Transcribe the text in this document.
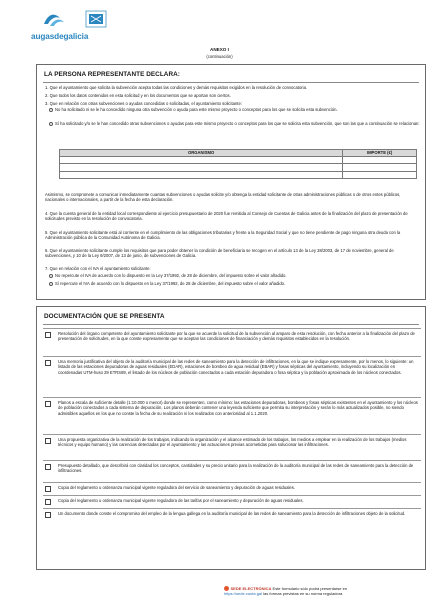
augasdegalicia
ANEXO I
(continuación)
LA PERSONA REPRESENTANTE DECLARA:
1. Que el ayuntamiento que solicita la subvención acepta todas las condiciones y demás requisitos exigidos en la resolución de convocatoria.
2. Que todos los datos contenidos en esta solicitud y en los documentos que se aportan son ciertos.
3. Que en relación con otras subvenciones o ayudas concedidas o solicitadas, el ayuntamiento solicitante:
No ha solicitado ni se le ha concedido ninguna otra subvención o ayuda para este mismo proyecto o conceptos para los que se solicita esta subvención.
Sí ha solicitado y/o se le han concedido otras subvenciones o ayudas para este mismo proyecto o conceptos para los que se solicita esta subvención, que son las que a continuación se relacionan:
ORGANISMO	IMPORTE (€)

Asimismo, se compromete a comunicar inmediatamente cuantas subvenciones o ayudas solicite y/o obtenga la entidad solicitante de otras administraciones públicas o de otros entes públicos, nacionales o internacionales, a partir de la fecha de esta declaración.
4. Que la cuenta general de la entidad local correspondiente al ejercicio presupuestario de 2020 fue remitida al Consejo de Cuentas de Galicia antes de la finalización del plazo de presentación de solicitudes previsto en la resolución de convocatoria.
5. Que el ayuntamiento solicitante está al corriente en el cumplimiento de las obligaciones tributarias y frente a la Seguridad Social y que no tiene pendiente de pago ninguna otra deuda con la Administración pública de la Comunidad Autónoma de Galicia.
6. Que el ayuntamiento solicitante cumple los requisitos que para poder obtener la condición de beneficiaria se recogen en el artículo 13 de la Ley 38/2003, de 17 de noviembre, general de subvenciones, y 10 de la Ley 9/2007, de 13 de junio, de subvenciones de Galicia.
7. Que en relación con el IVA el ayuntamiento solicitante:
No repercute el IVA de acuerdo con lo dispuesto en la Ley 37/1992, de 28 de diciembre, del impuesto sobre el valor añadido.
Sí repercute el IVA de acuerdo con lo dispuesto en la Ley 37/1992, de 28 de diciembre, del impuesto sobre el valor añadido.
DOCUMENTACIÓN QUE SE PRESENTA
Resolución del órgano competente del ayuntamiento solicitante por la que se acuerde la solicitud de la subvención al amparo de esta resolución, con fecha anterior a la finalización del plazo de presentación de solicitudes, en la que conste expresamente que se aceptan las condiciones de financiación y demás requisitos establecidos en la resolución.
Una memoria justificativa del objeto de la auditoría municipal de las redes de saneamiento para la detección de infiltraciones, en la que se indique expresamente, por lo menos, lo siguiente: un listado de las estaciones depuradoras de aguas residuales (EDAR), estaciones de bombeo de agua residual (EBAR) y fosas sépticas del ayuntamiento, incluyendo su localización en coordenadas UTM-huso 29 ETRS89, el listado de los núcleos de población conectados a cada estación depuradora o fosa séptica y la población aproximada de los núcleos conectados.
Planos a escala de suficiente detalle (1:10.000 o menor) donde se representen, como mínimo: las estaciones depuradoras, bombeos y fosas sépticas existentes en el ayuntamiento y los núcleos de población conectados a cada sistema de depuración. Los planos deberán contener una leyenda suficiente que permita su interpretación y serán lo más actualizados posible, no siendo admisibles aquellos en los que no conste la fecha de su realización ni los realizados con anterioridad al 1.1.2020.
Una propuesta organizativa de la realización de los trabajos, indicando la organización y el alcance estimado de los trabajos, los medios a emplear en la realización de los trabajos (medios técnicos y equipo humano) y las carencias detectadas por el ayuntamiento y las actuaciones previas acometidas para solucionar las infiltraciones.
Presupuesto detallado, que describirá con claridad los conceptos, cantidades y su precio unitario para la realización de la auditoría municipal de las redes de saneamiento para la detección de infiltraciones.
Copia del reglamento u ordenanza municipal vigente reguladora del servicio de saneamiento y depuración de aguas residuales.
Copia del reglamento u ordenanza municipal vigente reguladora de las tarifas por el saneamiento y depuración de aguas residuales.
Un documento donde conste el compromiso del empleo de la lengua gallega en la auditoría municipal de las redes de saneamiento para la detección de infiltraciones objeto de la solicitud.
SEDE ELECTRÓNICA Este formulario sólo podrá presentarse en
https://sede.xunta.gal las formas previstas en su norma reguladora
